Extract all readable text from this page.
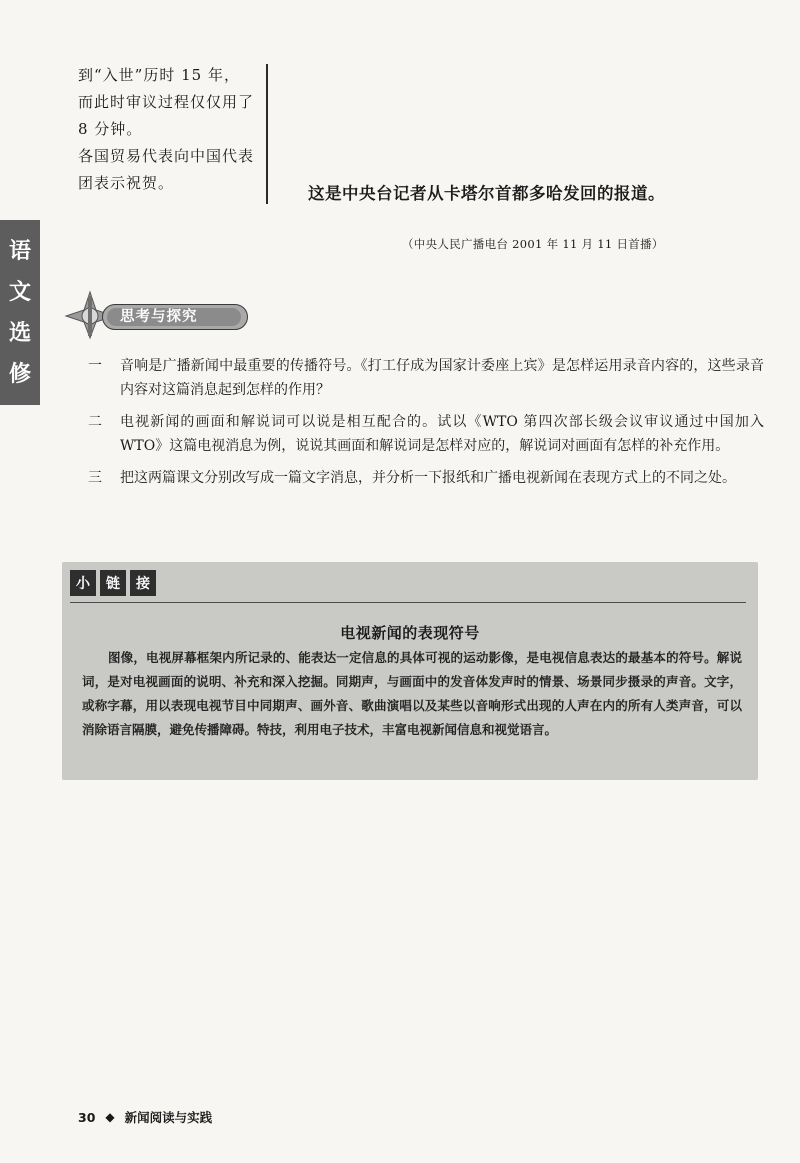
到“入世”历时 15 年，

而此时审议过程仅仅用了

8 分钟。

各国贸易代表向中国代表

团表示祝贺。

这是中央台记者从卡塔尔首都多哈发回的报道。
（中央人民广播电台 2001 年 11 月 11 日首播）
语
文
选
修
思考与探究
一	音响是广播新闻中最重要的传播符号。《打工仔成为国家计委座上宾》是怎样运用录音内容的，这些录音内容对这篇消息起到怎样的作用？
二	电视新闻的画面和解说词可以说是相互配合的。试以《WTO 第四次部长级会议审议通过中国加入 WTO》这篇电视消息为例，说说其画面和解说词是怎样对应的，解说词对画面有怎样的补充作用。
三	把这两篇课文分别改写成一篇文字消息，并分析一下报纸和广播电视新闻在表现方式上的不同之处。
小	链	接
电视新闻的表现符号
图像，电视屏幕框架内所记录的、能表达一定信息的具体可视的运动影像，是电视信息表达的最基本的符号。解说词，是对电视画面的说明、补充和深入挖掘。同期声，与画面中的发音体发声时的情景、场景同步摄录的声音。文字，或称字幕，用以表现电视节目中同期声、画外音、歌曲演唱以及某些以音响形式出现的人声在内的所有人类声音，可以消除语言隔膜，避免传播障碍。特技，利用电子技术，丰富电视新闻信息和视觉语言。
30 ◆ 新闻阅读与实践
